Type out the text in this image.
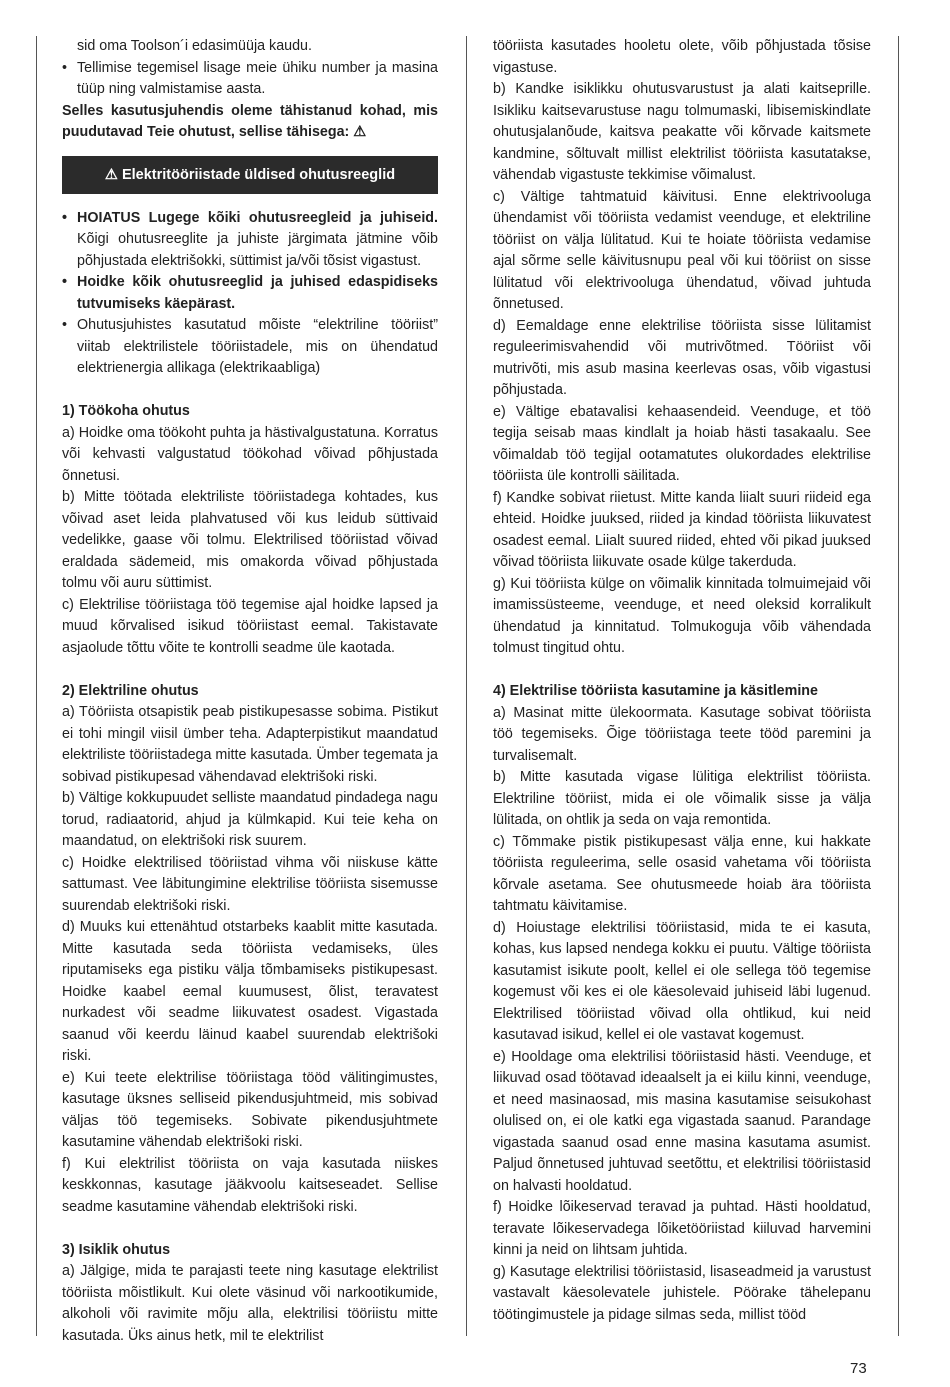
sid oma Toolson´i edasimüüja kaudu.

• Tellimise tegemisel lisage meie ühiku number ja masina tüüp ning valmistamise aasta.

Selles kasutusjuhendis oleme tähistanud kohad, mis puudutavad Teie ohutust, sellise tähisega: ⚠

⚠ Elektritööriistade üldised ohutusreeglid
• HOIATUS Lugege kõiki ohutusreegleid ja juhiseid. Kõigi ohutusreeglite ja juhiste järgimata jätmine võib põhjustada elektrišokki, süttimist ja/või tõsist vigastust.
• Hoidke kõik ohutusreeglid ja juhised edaspidiseks tutvumiseks käepärast.
• Ohutusjuhistes kasutatud mõiste “elektriline tööriist” viitab elektrilistele tööriistadele, mis on ühendatud elektrienergia allikaga (elektrikaabliga)

1) Töökoha ohutus

a) Hoidke oma töökoht puhta ja hästivalgustatuna. Korratus või kehvasti valgustatud töökohad võivad põhjustada õnnetusi.

b) Mitte töötada elektriliste tööriistadega kohtades, kus võivad aset leida plahvatused või kus leidub süttivaid vedelikke, gaase või tolmu. Elektrilised tööriistad võivad eraldada sädemeid, mis omakorda võivad põhjustada tolmu või auru süttimist.

c) Elektrilise tööriistaga töö tegemise ajal hoidke lapsed ja muud kõrvalised isikud tööriistast eemal. Takistavate asjaolude tõttu võite te kontrolli seadme üle kaotada.

2) Elektriline ohutus

a) Tööriista otsapistik peab pistikupesasse sobima. Pistikut ei tohi mingil viisil ümber teha. Adapterpistikut maandatud elektriliste tööriistadega mitte kasutada. Ümber tegemata ja sobivad pistikupesad vähendavad elektrišoki riski.

b) Vältige kokkupuudet selliste maandatud pindadega nagu torud, radiaatorid, ahjud ja külmkapid. Kui teie keha on maandatud, on elektrišoki risk suurem.

c) Hoidke elektrilised tööriistad vihma või niiskuse kätte sattumast. Vee läbitungimine elektrilise tööriista sisemusse suurendab elektrišoki riski.

d) Muuks kui ettenähtud otstarbeks kaablit mitte kasutada. Mitte kasutada seda tööriista vedamiseks, üles riputamiseks ega pistiku välja tõmbamiseks pistikupesast. Hoidke kaabel eemal kuumusest, õlist, teravatest nurkadest või seadme liikuvatest osadest. Vigastada saanud või keerdu läinud kaabel suurendab elektrišoki riski.

e) Kui teete elektrilise tööriistaga tööd välitingimustes, kasutage üksnes selliseid pikendusjuhtmeid, mis sobivad väljas töö tegemiseks. Sobivate pikendusjuhtmete kasutamine vähendab elektrišoki riski.

f) Kui elektrilist tööriista on vaja kasutada niiskes keskkonnas, kasutage jääkvoolu kaitseseadet. Sellise seadme kasutamine vähendab elektrišoki riski.

3) Isiklik ohutus

a) Jälgige, mida te parajasti teete ning kasutage elektrilist tööriista mõistlikult. Kui olete väsinud või narkootikumide, alkoholi või ravimite mõju alla, elektrilisi tööriistu mitte kasutada. Üks ainus hetk, mil te elektrilist

tööriista kasutades hooletu olete, võib põhjustada tõsise vigastuse.

b) Kandke isiklikku ohutusvarustust ja alati kaitseprille. Isikliku kaitsevarustuse nagu tolmumaski, libisemiskindlate ohutusjalanõude, kaitsva peakatte või kõrvade kaitsmete kandmine, sõltuvalt millist elektrilist tööriista kasutatakse, vähendab vigastuste tekkimise võimalust.

c) Vältige tahtmatuid käivitusi. Enne elektrivooluga ühendamist või tööriista vedamist veenduge, et elektriline tööriist on välja lülitatud. Kui te hoiate tööriista vedamise ajal sõrme selle käivitusnupu peal või kui tööriist on sisse lülitatud või elektrivooluga ühendatud, võivad juhtuda õnnetused.

d) Eemaldage enne elektrilise tööriista sisse lülitamist reguleerimisvahendid või mutrivõtmed. Tööriist või mutrivõti, mis asub masina keerlevas osas, võib vigastusi põhjustada.

e) Vältige ebatavalisi kehaasendeid. Veenduge, et töö tegija seisab maas kindlalt ja hoiab hästi tasakaalu. See võimaldab töö tegijal ootamatutes olukordades elektrilise tööriista üle kontrolli säilitada.

f) Kandke sobivat riietust. Mitte kanda liialt suuri riideid ega ehteid. Hoidke juuksed, riided ja kindad tööriista liikuvatest osadest eemal. Liialt suured riided, ehted või pikad juuksed võivad tööriista liikuvate osade külge takerduda.

g) Kui tööriista külge on võimalik kinnitada tolmuimejaid või imamissüsteeme, veenduge, et need oleksid korralikult ühendatud ja kinnitatud. Tolmukoguja võib vähendada tolmust tingitud ohtu.

4) Elektrilise tööriista kasutamine ja käsitlemine

a) Masinat mitte ülekoormata. Kasutage sobivat tööriista töö tegemiseks. Õige tööriistaga teete tööd paremini ja turvalisemalt.

b) Mitte kasutada vigase lülitiga elektrilist tööriista. Elektriline tööriist, mida ei ole võimalik sisse ja välja lülitada, on ohtlik ja seda on vaja remontida.

c) Tõmmake pistik pistikupesast välja enne, kui hakkate tööriista reguleerima, selle osasid vahetama või tööriista kõrvale asetama. See ohutusmeede hoiab ära tööriista tahtmatu käivitamise.

d) Hoiustage elektrilisi tööriistasid, mida te ei kasuta, kohas, kus lapsed nendega kokku ei puutu. Vältige tööriista kasutamist isikute poolt, kellel ei ole sellega töö tegemise kogemust või kes ei ole käesolevaid juhiseid läbi lugenud. Elektrilised tööriistad võivad olla ohtlikud, kui neid kasutavad isikud, kellel ei ole vastavat kogemust.

e) Hooldage oma elektrilisi tööriistasid hästi. Veenduge, et liikuvad osad töötavad ideaalselt ja ei kiilu kinni, veenduge, et need masinaosad, mis masina kasutamise seisukohast olulised on, ei ole katki ega vigastada saanud. Parandage vigastada saanud osad enne masina kasutama asumist. Paljud õnnetused juhtuvad seetõttu, et elektrilisi tööriistasid on halvasti hooldatud.

f) Hoidke lõikeservad teravad ja puhtad. Hästi hooldatud, teravate lõikeservadega lõiketööriistad kiiluvad harvemini kinni ja neid on lihtsam juhtida.

g) Kasutage elektrilisi tööriistasid, lisaseadmeid ja varustust vastavalt käesolevatele juhistele. Pöörake tähelepanu töötingimustele ja pidage silmas seda, millist tööd

73
